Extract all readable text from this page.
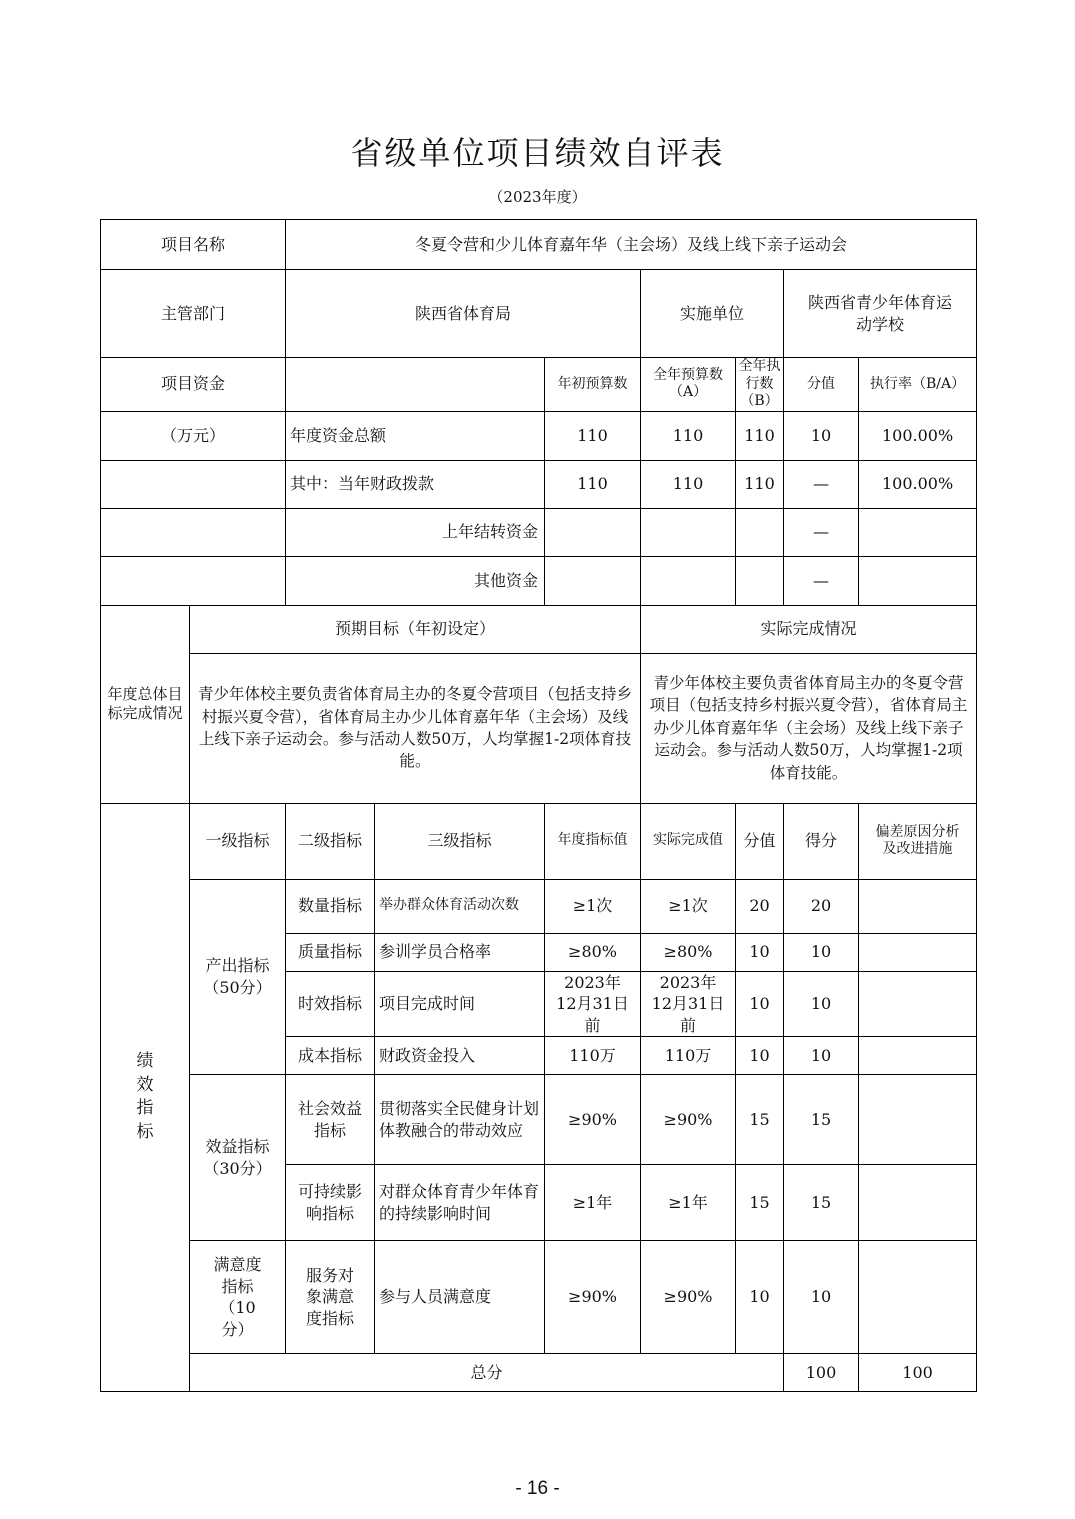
省级单位项目绩效自评表
（2023年度）
项目名称		冬夏令营和少儿体育嘉年华（主会场）及线上线下亲子运动会							
主管部门		陕西省体育局			实施单位		陕西省青少年体育运动学校		
项目资金				年初预算数	全年预算数（A）	全年执行数（B）	分值	执行率（B/A）	
（万元）		年度资金总额		110	110	110	10	100.00%	
		其中：当年财政拨款		110	110	110	—	100.00%	
		上年结转资金					—		
		其他资金					—		
年度总体目标完成情况	预期目标（年初设定）				实际完成情况				
	青少年体校主要负责省体育局主办的冬夏令营项目（包括支持乡村振兴夏令营），省体育局主办少儿体育嘉年华（主会场）及线上线下亲子运动会。参与活动人数50万，人均掌握1-2项体育技能。				青少年体校主要负责省体育局主办的冬夏令营项目（包括支持乡村振兴夏令营），省体育局主办少儿体育嘉年华（主会场）及线上线下亲子运动会。参与活动人数50万，人均掌握1-2项体育技能。				
绩效指标	一级指标	二级指标	三级指标	年度指标值	实际完成值	分值	得分	偏差原因分析及改进措施	
	产出指标（50分）	数量指标	举办群众体育活动次数	≥1次	≥1次	20	20		
		质量指标	参训学员合格率	≥80%	≥80%	10	10		
		时效指标	项目完成时间	2023年12月31日前	2023年12月31日前	10	10		
		成本指标	财政资金投入	110万	110万	10	10		
	效益指标（30分）	社会效益指标	贯彻落实全民健身计划体教融合的带动效应	≥90%	≥90%	15	15		
		可持续影响指标	对群众体育青少年体育的持续影响时间	≥1年	≥1年	15	15		
	满意度指标（10分）	服务对象满意度指标	参与人员满意度	≥90%	≥90%	10	10		
	总分						100	100	
- 16 -
